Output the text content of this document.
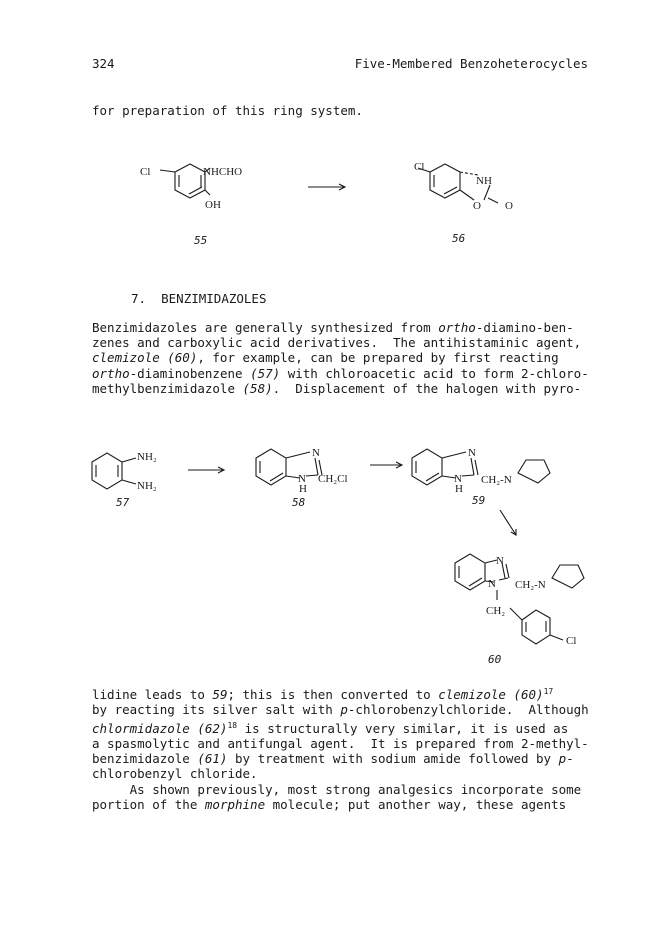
324	Five-Membered Benzoheterocycles

for preparation of this ring system.

Cl	NHCHO
OH
Cl
NH
O O
55	56
7. BENZIMIDAZOLES

Benzimidazoles are generally synthesized from ortho-diamino-ben-
zenes and carboxylic acid derivatives.  The antihistaminic agent,
clemizole (60), for example, can be prepared by first reacting
ortho-diaminobenzene (57) with chloroacetic acid to form 2-chloro-
methylbenzimidazole (58).  Displacement of the halogen with pyro-

NH₂
NH₂
N
N
H
CH₂Cl
N
N
H
CH₂-N
N
N CH₂-N
CH₂
Cl
57	58	59
60

lidine leads to 59; this is then converted to clemizole $(60)^{17}$
by reacting its silver salt with p-chlorobenzylchloride.  Although
chlormidazole $(62)^{18}$ is structurally very similar, it is used as
a spasmolytic and antifungal agent.  It is prepared from 2-methyl-
benzimidazole (61) by treatment with sodium amide followed by p-
chlorobenzyl chloride.
As shown previously, most strong analgesics incorporate some
portion of the morphine molecule; put another way, these agents
